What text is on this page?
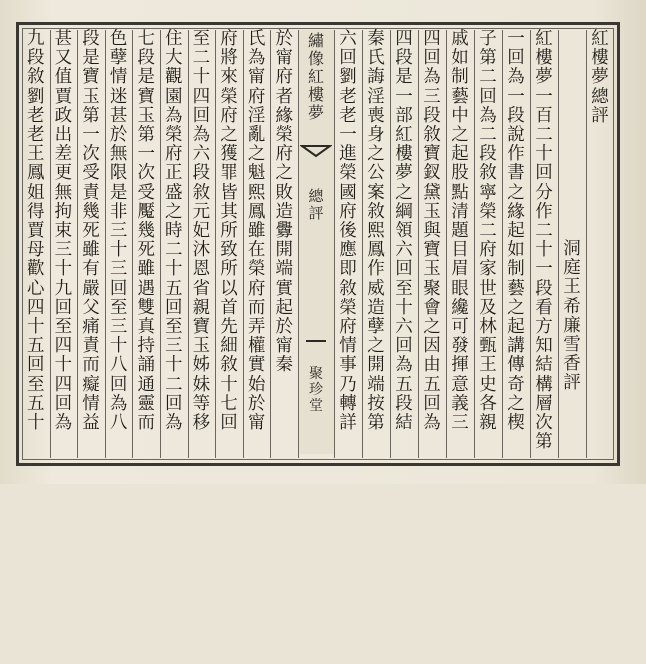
繡
像
紅
樓
夢
總
評
聚
珍
堂
紅
樓
夢
總
評
洞
庭
王
希
廉
雪
香
評
紅
樓
夢
一
百
二
十
回
分
作
二
十
一
段
看
方
知
結
構
層
次
第
一
回
為
一
段
說
作
書
之
緣
起
如
制
藝
之
起
講
傳
奇
之
楔
子
第
二
回
為
二
段
敘
寧
榮
二
府
家
世
及
林
甄
王
史
各
親
戚
如
制
藝
中
之
起
股
點
清
題
目
眉
眼
纔
可
發
揮
意
義
三
四
回
為
三
段
敘
寶
釵
黛
玉
與
寶
玉
聚
會
之
因
由
五
回
為
四
段
是
一
部
紅
樓
夢
之
綱
領
六
回
至
十
六
回
為
五
段
結
秦
氏
誨
淫
喪
身
之
公
案
敘
熙
鳳
作
威
造
孽
之
開
端
按
第
六
回
劉
老
老
一
進
榮
國
府
後
應
即
敘
榮
府
情
事
乃
轉
詳
於
甯
府
者
緣
榮
府
之
敗
造
釁
開
端
實
起
於
甯
秦
氏
為
甯
府
淫
亂
之
魁
熙
鳳
雖
在
榮
府
而
弄
權
實
始
於
甯
府
將
來
榮
府
之
獲
罪
皆
其
所
致
所
以
首
先
細
敘
十
七
回
至
二
十
四
回
為
六
段
敘
元
妃
沐
恩
省
親
寶
玉
姊
妹
等
移
住
大
觀
園
為
榮
府
正
盛
之
時
二
十
五
回
至
三
十
二
回
為
七
段
是
寶
玉
第
一
次
受
魘
幾
死
雖
遇
雙
真
持
誦
通
靈
而
色
孽
情
迷
甚
於
無
限
是
非
三
十
三
回
至
三
十
八
回
為
八
段
是
寶
玉
第
一
次
受
責
幾
死
雖
有
嚴
父
痛
責
而
癡
情
益
甚
又
值
賈
政
出
差
更
無
拘
束
三
十
九
回
至
四
十
四
回
為
九
段
敘
劉
老
老
王
鳳
姐
得
賈
母
歡
心
四
十
五
回
至
五
十
